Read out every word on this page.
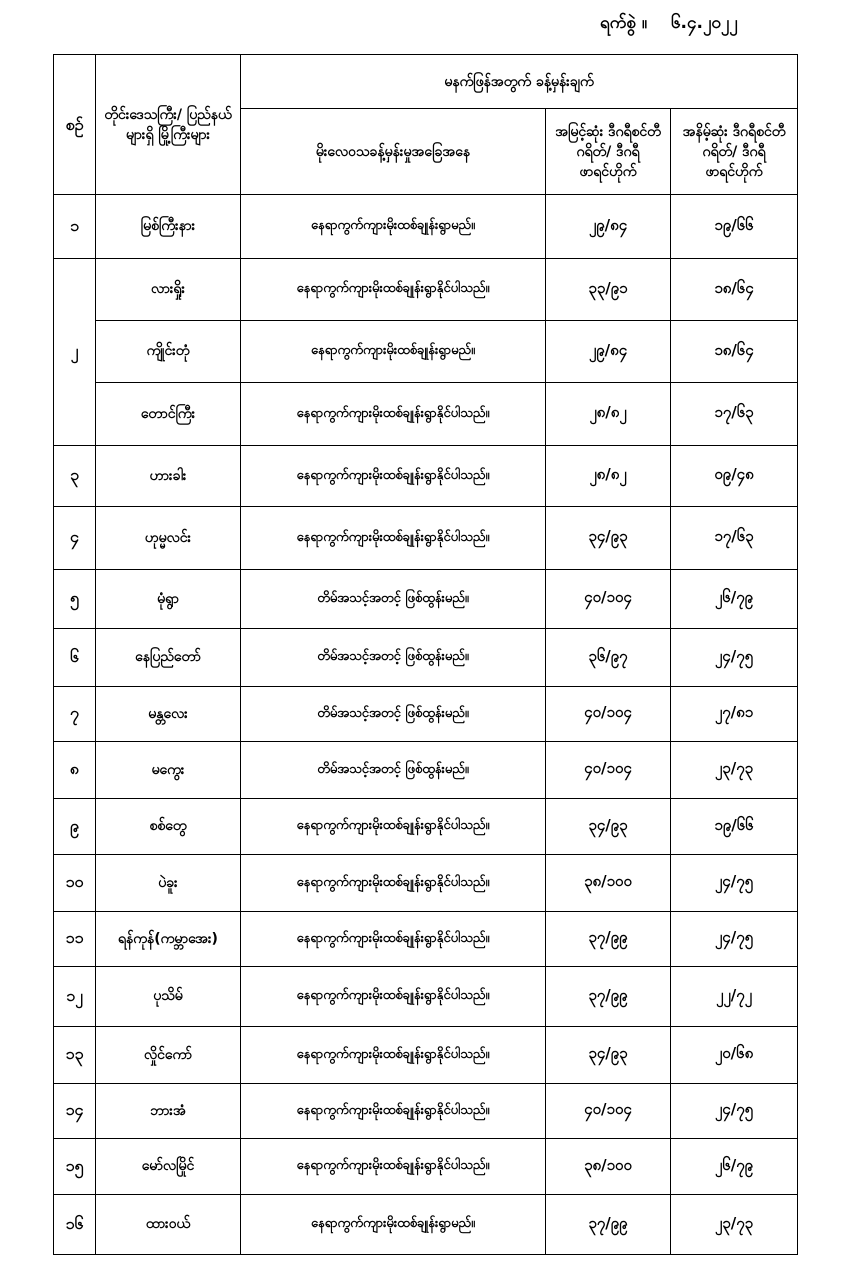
ရက်စွဲ ။ ၆.၄.၂၀၂၂
စဉ်	တိုင်းဒေသကြီး/ ပြည်နယ်များရှိ မြို့ကြီးများ	မနက်ဖြန်အတွက် ခန့်မှန်းချက်		
		မိုးလေဝသခန့်မှန်းမှုအခြေအနေ	အမြင့်ဆုံး ဒီဂရီစင်တီဂရိတ်/ ဒီဂရီဖာရင်ဟိုက်	အနိမ့်ဆုံး ဒီဂရီစင်တီဂရိတ်/ ဒီဂရီဖာရင်ဟိုက်
၁	မြစ်ကြီးနား	နေရာကွက်ကျားမိုးထစ်ချုန်းရွာမည်။	၂၉/၈၄	၁၉/၆၆
၂	လားရှိုး	နေရာကွက်ကျားမိုးထစ်ချုန်းရွာနိုင်ပါသည်။	၃၃/၉၁	၁၈/၆၄
	ကျိုင်းတုံ	နေရာကွက်ကျားမိုးထစ်ချုန်းရွာမည်။	၂၉/၈၄	၁၈/၆၄
	တောင်ကြီး	နေရာကွက်ကျားမိုးထစ်ချုန်းရွာနိုင်ပါသည်။	၂၈/၈၂	၁၇/၆၃
၃	ဟားခါး	နေရာကွက်ကျားမိုးထစ်ချုန်းရွာနိုင်ပါသည်။	၂၈/၈၂	၀၉/၄၈
၄	ဟုမ္မလင်း	နေရာကွက်ကျားမိုးထစ်ချုန်းရွာနိုင်ပါသည်။	၃၄/၉၃	၁၇/၆၃
၅	မုံရွာ	တိမ်အသင့်အတင့် ဖြစ်ထွန်းမည်။	၄၀/၁၀၄	၂၆/၇၉
၆	နေပြည်တော်	တိမ်အသင့်အတင့် ဖြစ်ထွန်းမည်။	၃၆/၉၇	၂၄/၇၅
၇	မန္တလေး	တိမ်အသင့်အတင့် ဖြစ်ထွန်းမည်။	၄၀/၁၀၄	၂၇/၈၁
၈	မကွေး	တိမ်အသင့်အတင့် ဖြစ်ထွန်းမည်။	၄၀/၁၀၄	၂၃/၇၃
၉	စစ်တွေ	နေရာကွက်ကျားမိုးထစ်ချုန်းရွာနိုင်ပါသည်။	၃၄/၉၃	၁၉/၆၆
၁၀	ပဲခူး	နေရာကွက်ကျားမိုးထစ်ချုန်းရွာနိုင်ပါသည်။	၃၈/၁၀၀	၂၄/၇၅
၁၁	ရန်ကုန်(ကမ္ဘာအေး)	နေရာကွက်ကျားမိုးထစ်ချုန်းရွာနိုင်ပါသည်။	၃၇/၉၉	၂၄/၇၅
၁၂	ပုသိမ်	နေရာကွက်ကျားမိုးထစ်ချုန်းရွာနိုင်ပါသည်။	၃၇/၉၉	၂၂/၇၂
၁၃	လှိုင်ကော်	နေရာကွက်ကျားမိုးထစ်ချုန်းရွာနိုင်ပါသည်။	၃၄/၉၃	၂၀/၆၈
၁၄	ဘားအံ	နေရာကွက်ကျားမိုးထစ်ချုန်းရွာနိုင်ပါသည်။	၄၀/၁၀၄	၂၄/၇၅
၁၅	မော်လမြိုင်	နေရာကွက်ကျားမိုးထစ်ချုန်းရွာနိုင်ပါသည်။	၃၈/၁၀၀	၂၆/၇၉
၁၆	ထားဝယ်	နေရာကွက်ကျားမိုးထစ်ချုန်းရွာမည်။	၃၇/၉၉	၂၃/၇၃
